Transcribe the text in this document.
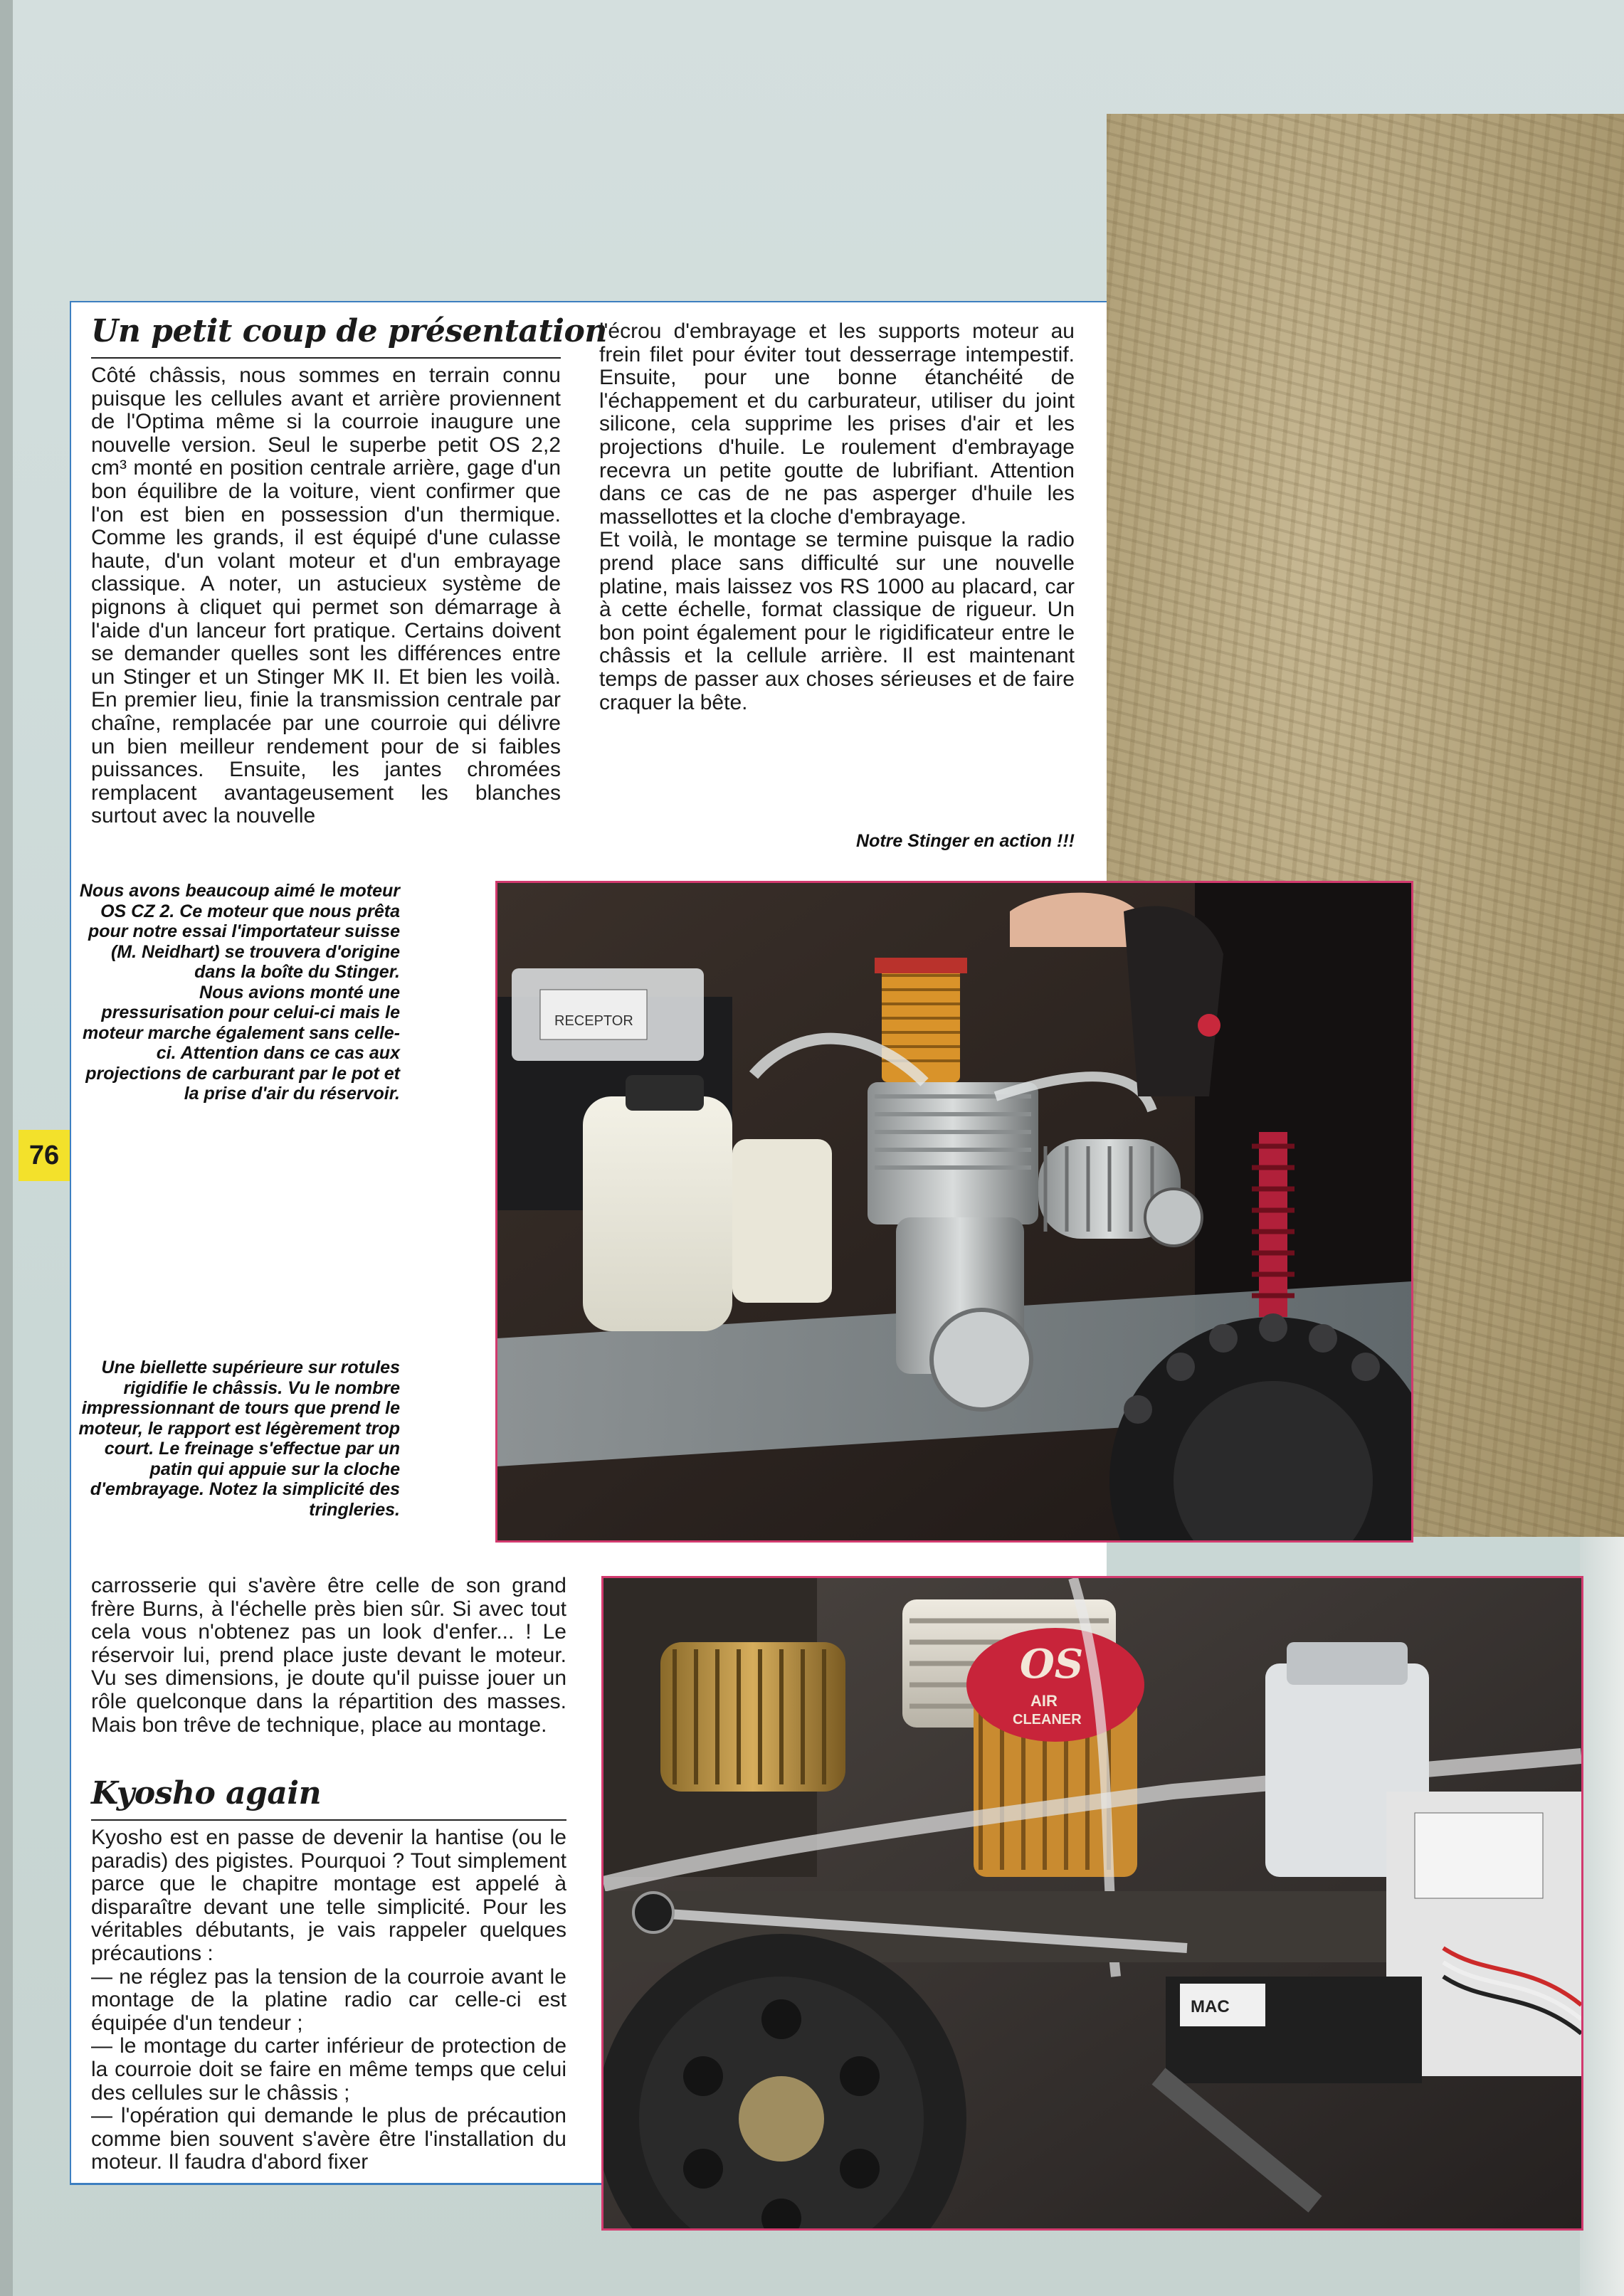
76
Un petit coup de présentation

Côté châssis, nous sommes en terrain connu puisque les cellules avant et arrière proviennent de l'Optima même si la courroie inaugure une nouvelle version. Seul le superbe petit OS 2,2 cm³ monté en position centrale arrière, gage d'un bon équilibre de la voiture, vient confirmer que l'on est bien en possession d'un thermique. Comme les grands, il est équipé d'une culasse haute, d'un volant moteur et d'un embrayage classique. A noter, un astucieux système de pignons à cliquet qui permet son démarrage à l'aide d'un lanceur fort pratique. Certains doivent se demander quelles sont les différences entre un Stinger et un Stinger MK II. Et bien les voilà. En premier lieu, finie la transmission centrale par chaîne, remplacée par une courroie qui délivre un bien meilleur rendement pour de si faibles puissances. Ensuite, les jantes chromées remplacent avantageusement les blanches surtout avec la nouvelle

l'écrou d'embrayage et les supports moteur au frein filet pour éviter tout desserrage intempestif. Ensuite, pour une bonne étanchéité de l'échappement et du carburateur, utiliser du joint silicone, cela supprime les prises d'air et les projections d'huile. Le roulement d'embrayage recevra un petite goutte de lubrifiant. Attention dans ce cas de ne pas asperger d'huile les massellottes et la cloche d'embrayage.

Et voilà, le montage se termine puisque la radio prend place sans difficulté sur une nouvelle platine, mais laissez vos RS 1000 au placard, car à cette échelle, format classique de rigueur. Un bon point également pour le rigidificateur entre le châssis et la cellule arrière. Il est maintenant temps de passer aux choses sérieuses et de faire craquer la bête.

Notre Stinger en action !!!

Nous avons beaucoup aimé le moteur OS CZ 2. Ce moteur que nous prêta pour notre essai l'importateur suisse (M. Neidhart) se trouvera d'origine dans la boîte du Stinger.

Nous avions monté une pressurisation pour celui-ci mais le moteur marche également sans celle-ci. Attention dans ce cas aux projections de carburant par le pot et la prise d'air du réservoir.

Une biellette supérieure sur rotules rigidifie le châssis. Vu le nombre impressionnant de tours que prend le moteur, le rapport est légèrement trop court. Le freinage s'effectue par un patin qui appuie sur la cloche d'embrayage. Notez la simplicité des tringleries.
RECEPTOR
carrosserie qui s'avère être celle de son grand frère Burns, à l'échelle près bien sûr. Si avec tout cela vous n'obtenez pas un look d'enfer... ! Le réservoir lui, prend place juste devant le moteur. Vu ses dimensions, je doute qu'il puisse jouer un rôle quelconque dans la répartition des masses. Mais bon trêve de technique, place au montage.
Kyosho again

Kyosho est en passe de devenir la hantise (ou le paradis) des pigistes. Pourquoi ? Tout simplement parce que le chapitre montage est appelé à disparaître devant une telle simplicité. Pour les véritables débutants, je vais rappeler quelques précautions :

— ne réglez pas la tension de la courroie avant le montage de la platine radio car celle-ci est équipée d'un tendeur ;

— le montage du carter inférieur de protection de la courroie doit se faire en même temps que celui des cellules sur le châssis ;

— l'opération qui demande le plus de précaution comme bien souvent s'avère être l'installation du moteur. Il faudra d'abord fixer

OS
AIR
CLEANER
MAC
